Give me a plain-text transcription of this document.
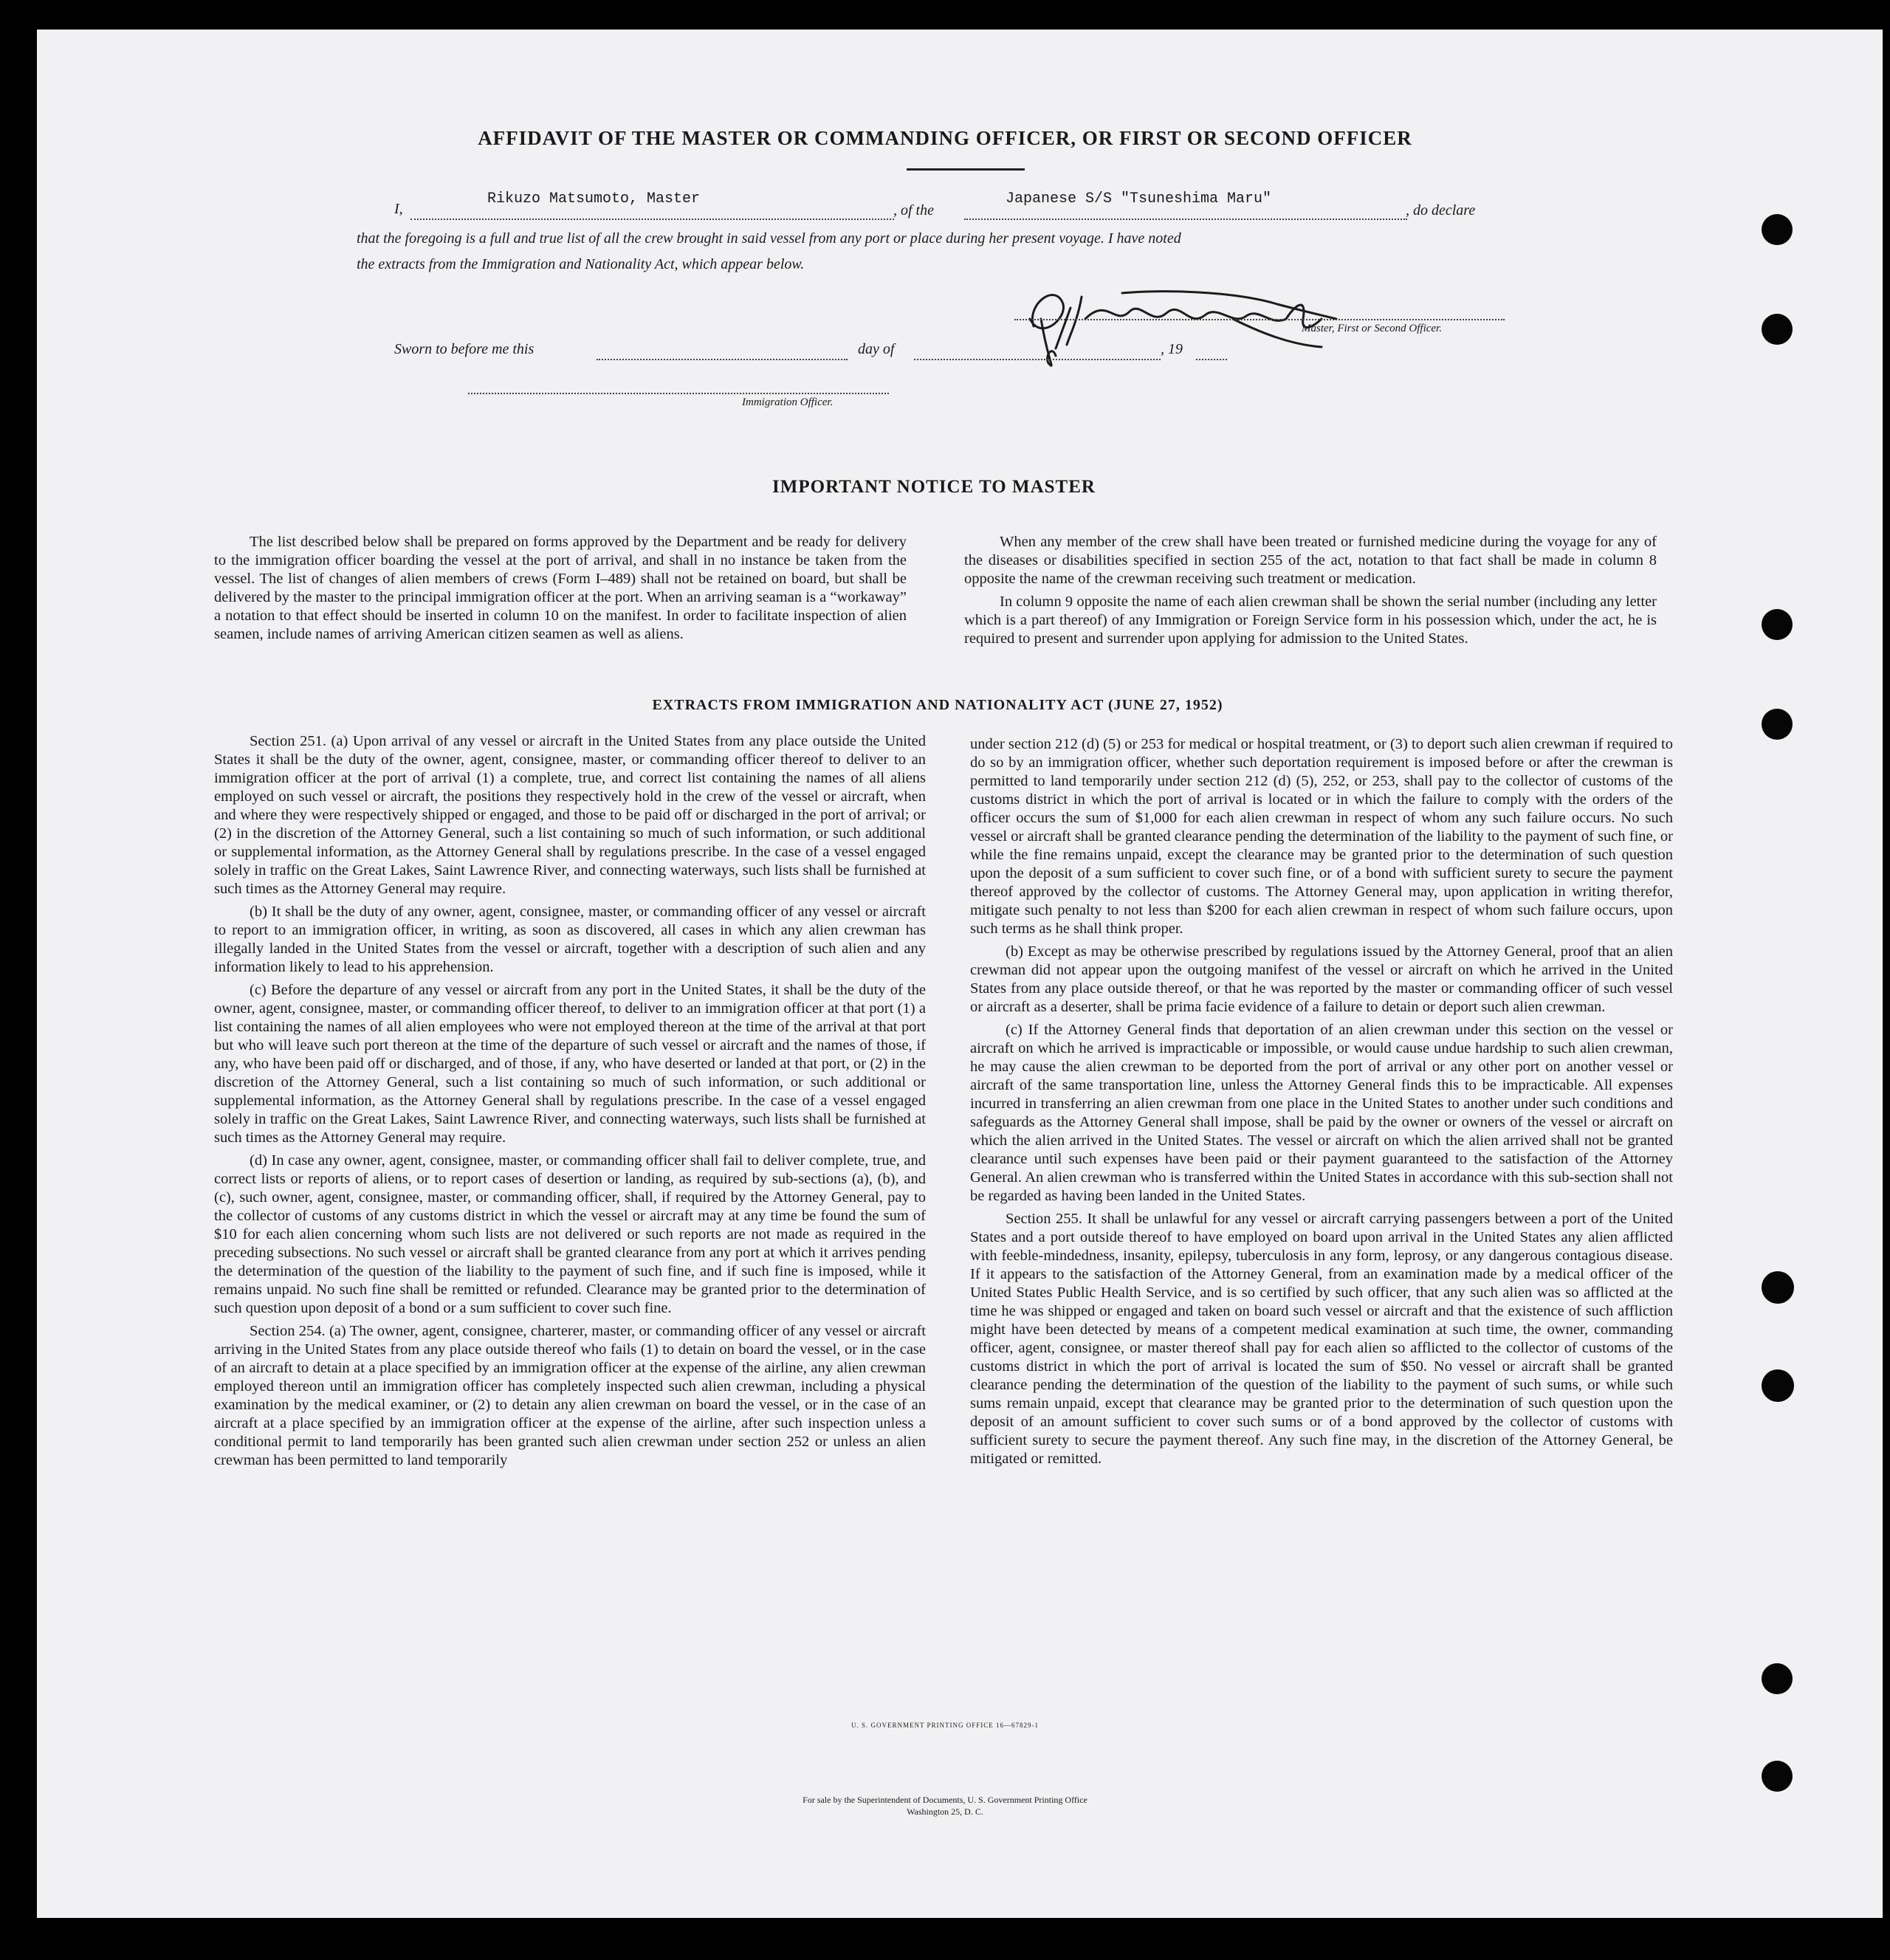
AFFIDAVIT OF THE MASTER OR COMMANDING OFFICER, OR FIRST OR SECOND OFFICER
I,
Rikuzo Matsumoto, Master
, of the
Japanese S/S "Tsuneshima Maru"
, do declare
that the foregoing is a full and true list of all the crew brought in said vessel from any port or place during her present voyage. I have noted
the extracts from the Immigration and Nationality Act, which appear below.
Master, First or Second Officer.
Sworn to before me this	day of	, 19
Immigration Officer.
IMPORTANT NOTICE TO MASTER

The list described below shall be prepared on forms approved by the Department and be ready for delivery to the immigration officer boarding the vessel at the port of arrival, and shall in no instance be taken from the vessel. The list of changes of alien members of crews (Form I–489) shall not be retained on board, but shall be delivered by the master to the principal immigration officer at the port. When an arriving seaman is a “workaway” a notation to that effect should be inserted in column 10 on the manifest. In order to facilitate inspection of alien seamen, include names of arriving American citizen seamen as well as aliens.

When any member of the crew shall have been treated or furnished medicine during the voyage for any of the diseases or disabilities specified in section 255 of the act, notation to that fact shall be made in column 8 opposite the name of the crewman receiving such treatment or medication.

In column 9 opposite the name of each alien crewman shall be shown the serial number (including any letter which is a part thereof) of any Immigration or Foreign Service form in his possession which, under the act, he is required to present and surrender upon applying for admission to the United States.

EXTRACTS FROM IMMIGRATION AND NATIONALITY ACT (JUNE 27, 1952)

Section 251. (a) Upon arrival of any vessel or aircraft in the United States from any place outside the United States it shall be the duty of the owner, agent, consignee, master, or commanding officer thereof to deliver to an immigration officer at the port of arrival (1) a complete, true, and correct list containing the names of all aliens employed on such vessel or aircraft, the positions they respectively hold in the crew of the vessel or aircraft, when and where they were respectively shipped or engaged, and those to be paid off or discharged in the port of arrival; or (2) in the discretion of the Attorney General, such a list containing so much of such information, or such additional or supplemental information, as the Attorney General shall by regulations prescribe. In the case of a vessel engaged solely in traffic on the Great Lakes, Saint Lawrence River, and connecting waterways, such lists shall be furnished at such times as the Attorney General may require.

(b) It shall be the duty of any owner, agent, consignee, master, or commanding officer of any vessel or aircraft to report to an immigration officer, in writing, as soon as discovered, all cases in which any alien crewman has illegally landed in the United States from the vessel or aircraft, together with a description of such alien and any information likely to lead to his apprehension.

(c) Before the departure of any vessel or aircraft from any port in the United States, it shall be the duty of the owner, agent, consignee, master, or commanding officer thereof, to deliver to an immigration officer at that port (1) a list containing the names of all alien employees who were not employed thereon at the time of the arrival at that port but who will leave such port thereon at the time of the departure of such vessel or aircraft and the names of those, if any, who have been paid off or discharged, and of those, if any, who have deserted or landed at that port, or (2) in the discretion of the Attorney General, such a list containing so much of such information, or such additional or supplemental information, as the Attorney General shall by regulations prescribe. In the case of a vessel engaged solely in traffic on the Great Lakes, Saint Lawrence River, and connecting waterways, such lists shall be furnished at such times as the Attorney General may require.

(d) In case any owner, agent, consignee, master, or commanding officer shall fail to deliver complete, true, and correct lists or reports of aliens, or to report cases of desertion or landing, as required by sub-sections (a), (b), and (c), such owner, agent, consignee, master, or commanding officer, shall, if required by the Attorney General, pay to the collector of customs of any customs district in which the vessel or aircraft may at any time be found the sum of $10 for each alien concerning whom such lists are not delivered or such reports are not made as required in the preceding subsections. No such vessel or aircraft shall be granted clearance from any port at which it arrives pending the determination of the question of the liability to the payment of such fine, and if such fine is imposed, while it remains unpaid. No such fine shall be remitted or refunded. Clearance may be granted prior to the determination of such question upon deposit of a bond or a sum sufficient to cover such fine.

Section 254. (a) The owner, agent, consignee, charterer, master, or commanding officer of any vessel or aircraft arriving in the United States from any place outside thereof who fails (1) to detain on board the vessel, or in the case of an aircraft to detain at a place specified by an immigration officer at the expense of the airline, any alien crewman employed thereon until an immigration officer has completely inspected such alien crewman, including a physical examination by the medical examiner, or (2) to detain any alien crewman on board the vessel, or in the case of an aircraft at a place specified by an immigration officer at the expense of the airline, after such inspection unless a conditional permit to land temporarily has been granted such alien crewman under section 252 or unless an alien crewman has been permitted to land temporarily

under section 212 (d) (5) or 253 for medical or hospital treatment, or (3) to deport such alien crewman if required to do so by an immigration officer, whether such deportation requirement is imposed before or after the crewman is permitted to land temporarily under section 212 (d) (5), 252, or 253, shall pay to the collector of customs of the customs district in which the port of arrival is located or in which the failure to comply with the orders of the officer occurs the sum of $1,000 for each alien crewman in respect of whom any such failure occurs. No such vessel or aircraft shall be granted clearance pending the determination of the liability to the payment of such fine, or while the fine remains unpaid, except the clearance may be granted prior to the determination of such question upon the deposit of a sum sufficient to cover such fine, or of a bond with sufficient surety to secure the payment thereof approved by the collector of customs. The Attorney General may, upon application in writing therefor, mitigate such penalty to not less than $200 for each alien crewman in respect of whom such failure occurs, upon such terms as he shall think proper.

(b) Except as may be otherwise prescribed by regulations issued by the Attorney General, proof that an alien crewman did not appear upon the outgoing manifest of the vessel or aircraft on which he arrived in the United States from any place outside thereof, or that he was reported by the master or commanding officer of such vessel or aircraft as a deserter, shall be prima facie evidence of a failure to detain or deport such alien crewman.

(c) If the Attorney General finds that deportation of an alien crewman under this section on the vessel or aircraft on which he arrived is impracticable or impossible, or would cause undue hardship to such alien crewman, he may cause the alien crewman to be deported from the port of arrival or any other port on another vessel or aircraft of the same transportation line, unless the Attorney General finds this to be impracticable. All expenses incurred in transferring an alien crewman from one place in the United States to another under such conditions and safeguards as the Attorney General shall impose, shall be paid by the owner or owners of the vessel or aircraft on which the alien arrived in the United States. The vessel or aircraft on which the alien arrived shall not be granted clearance until such expenses have been paid or their payment guaranteed to the satisfaction of the Attorney General. An alien crewman who is transferred within the United States in accordance with this sub-section shall not be regarded as having been landed in the United States.

Section 255. It shall be unlawful for any vessel or aircraft carrying passengers between a port of the United States and a port outside thereof to have employed on board upon arrival in the United States any alien afflicted with feeble-mindedness, insanity, epilepsy, tuberculosis in any form, leprosy, or any dangerous contagious disease. If it appears to the satisfaction of the Attorney General, from an examination made by a medical officer of the United States Public Health Service, and is so certified by such officer, that any such alien was so afflicted at the time he was shipped or engaged and taken on board such vessel or aircraft and that the existence of such affliction might have been detected by means of a competent medical examination at such time, the owner, commanding officer, agent, consignee, or master thereof shall pay for each alien so afflicted to the collector of customs of the customs district in which the port of arrival is located the sum of $50. No vessel or aircraft shall be granted clearance pending the determination of the question of the liability to the payment of such sums, or while such sums remain unpaid, except that clearance may be granted prior to the determination of such question upon the deposit of an amount sufficient to cover such sums or of a bond approved by the collector of customs with sufficient surety to secure the payment thereof. Any such fine may, in the discretion of the Attorney General, be mitigated or remitted.

U. S. GOVERNMENT PRINTING OFFICE 16—67829-1
For sale by the Superintendent of Documents, U. S. Government Printing Office
Washington 25, D. C.
